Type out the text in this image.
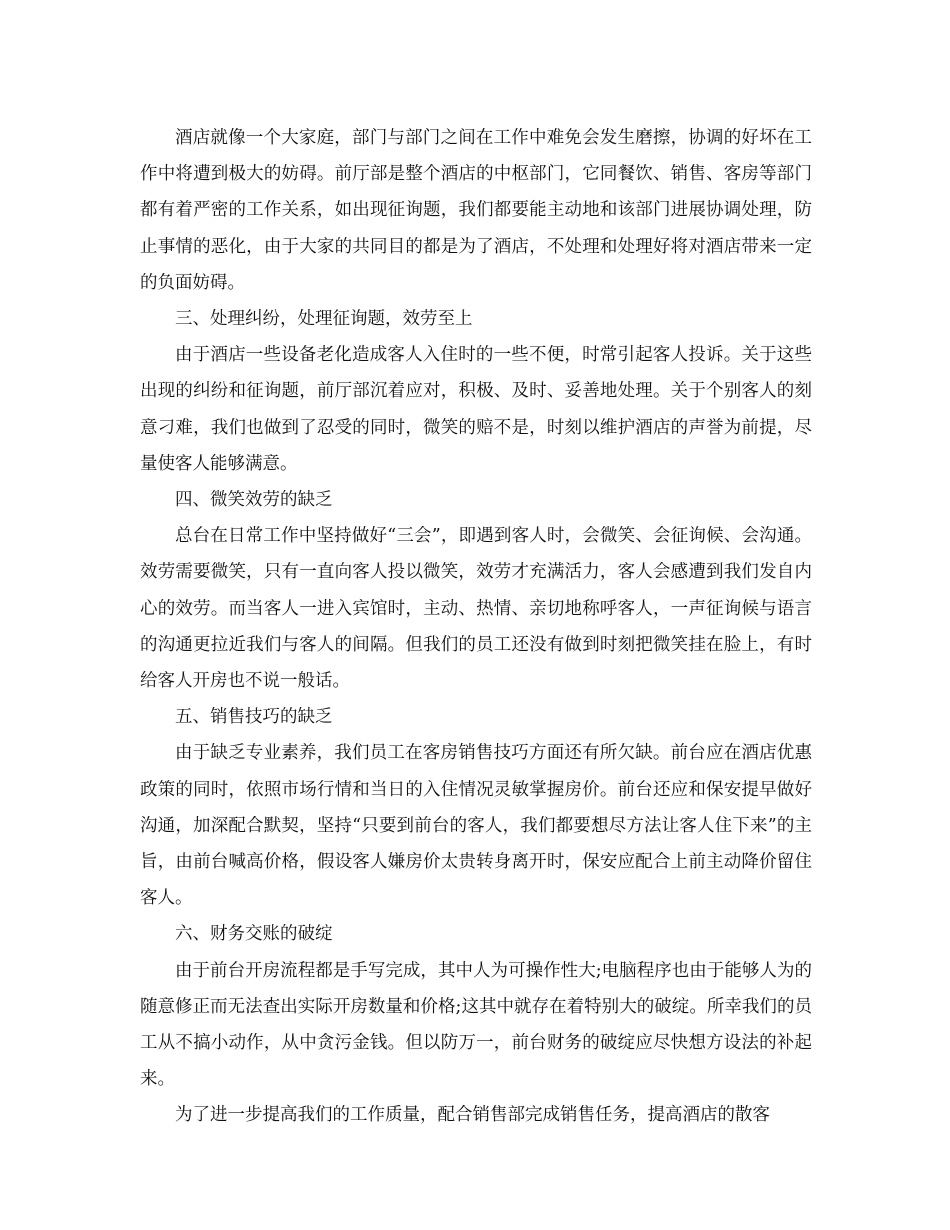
酒店就像一个大家庭，部门与部门之间在工作中难免会发生磨擦，协调的好坏在工作中将遭到极大的妨碍。前厅部是整个酒店的中枢部门，它同餐饮、销售、客房等部门都有着严密的工作关系，如出现征询题，我们都要能主动地和该部门进展协调处理，防止事情的恶化，由于大家的共同目的都是为了酒店，不处理和处理好将对酒店带来一定的负面妨碍。

三、处理纠纷，处理征询题，效劳至上

由于酒店一些设备老化造成客人入住时的一些不便，时常引起客人投诉。关于这些出现的纠纷和征询题，前厅部沉着应对，积极、及时、妥善地处理。关于个别客人的刻意刁难，我们也做到了忍受的同时，微笑的赔不是，时刻以维护酒店的声誉为前提，尽量使客人能够满意。

四、微笑效劳的缺乏

总台在日常工作中坚持做好“三会”，即遇到客人时，会微笑、会征询候、会沟通。效劳需要微笑，只有一直向客人投以微笑，效劳才充满活力，客人会感遭到我们发自内心的效劳。而当客人一进入宾馆时，主动、热情、亲切地称呼客人，一声征询候与语言的沟通更拉近我们与客人的间隔。但我们的员工还没有做到时刻把微笑挂在脸上，有时给客人开房也不说一般话。

五、销售技巧的缺乏

由于缺乏专业素养，我们员工在客房销售技巧方面还有所欠缺。前台应在酒店优惠政策的同时，依照市场行情和当日的入住情况灵敏掌握房价。前台还应和保安提早做好沟通，加深配合默契，坚持“只要到前台的客人，我们都要想尽方法让客人住下来”的主旨，由前台喊高价格，假设客人嫌房价太贵转身离开时，保安应配合上前主动降价留住客人。

六、财务交账的破绽

由于前台开房流程都是手写完成，其中人为可操作性大;电脑程序也由于能够人为的随意修正而无法查出实际开房数量和价格;这其中就存在着特别大的破绽。所幸我们的员工从不搞小动作，从中贪污金钱。但以防万一，前台财务的破绽应尽快想方设法的补起来。

为了进一步提高我们的工作质量，配合销售部完成销售任务，提高酒店的散客
